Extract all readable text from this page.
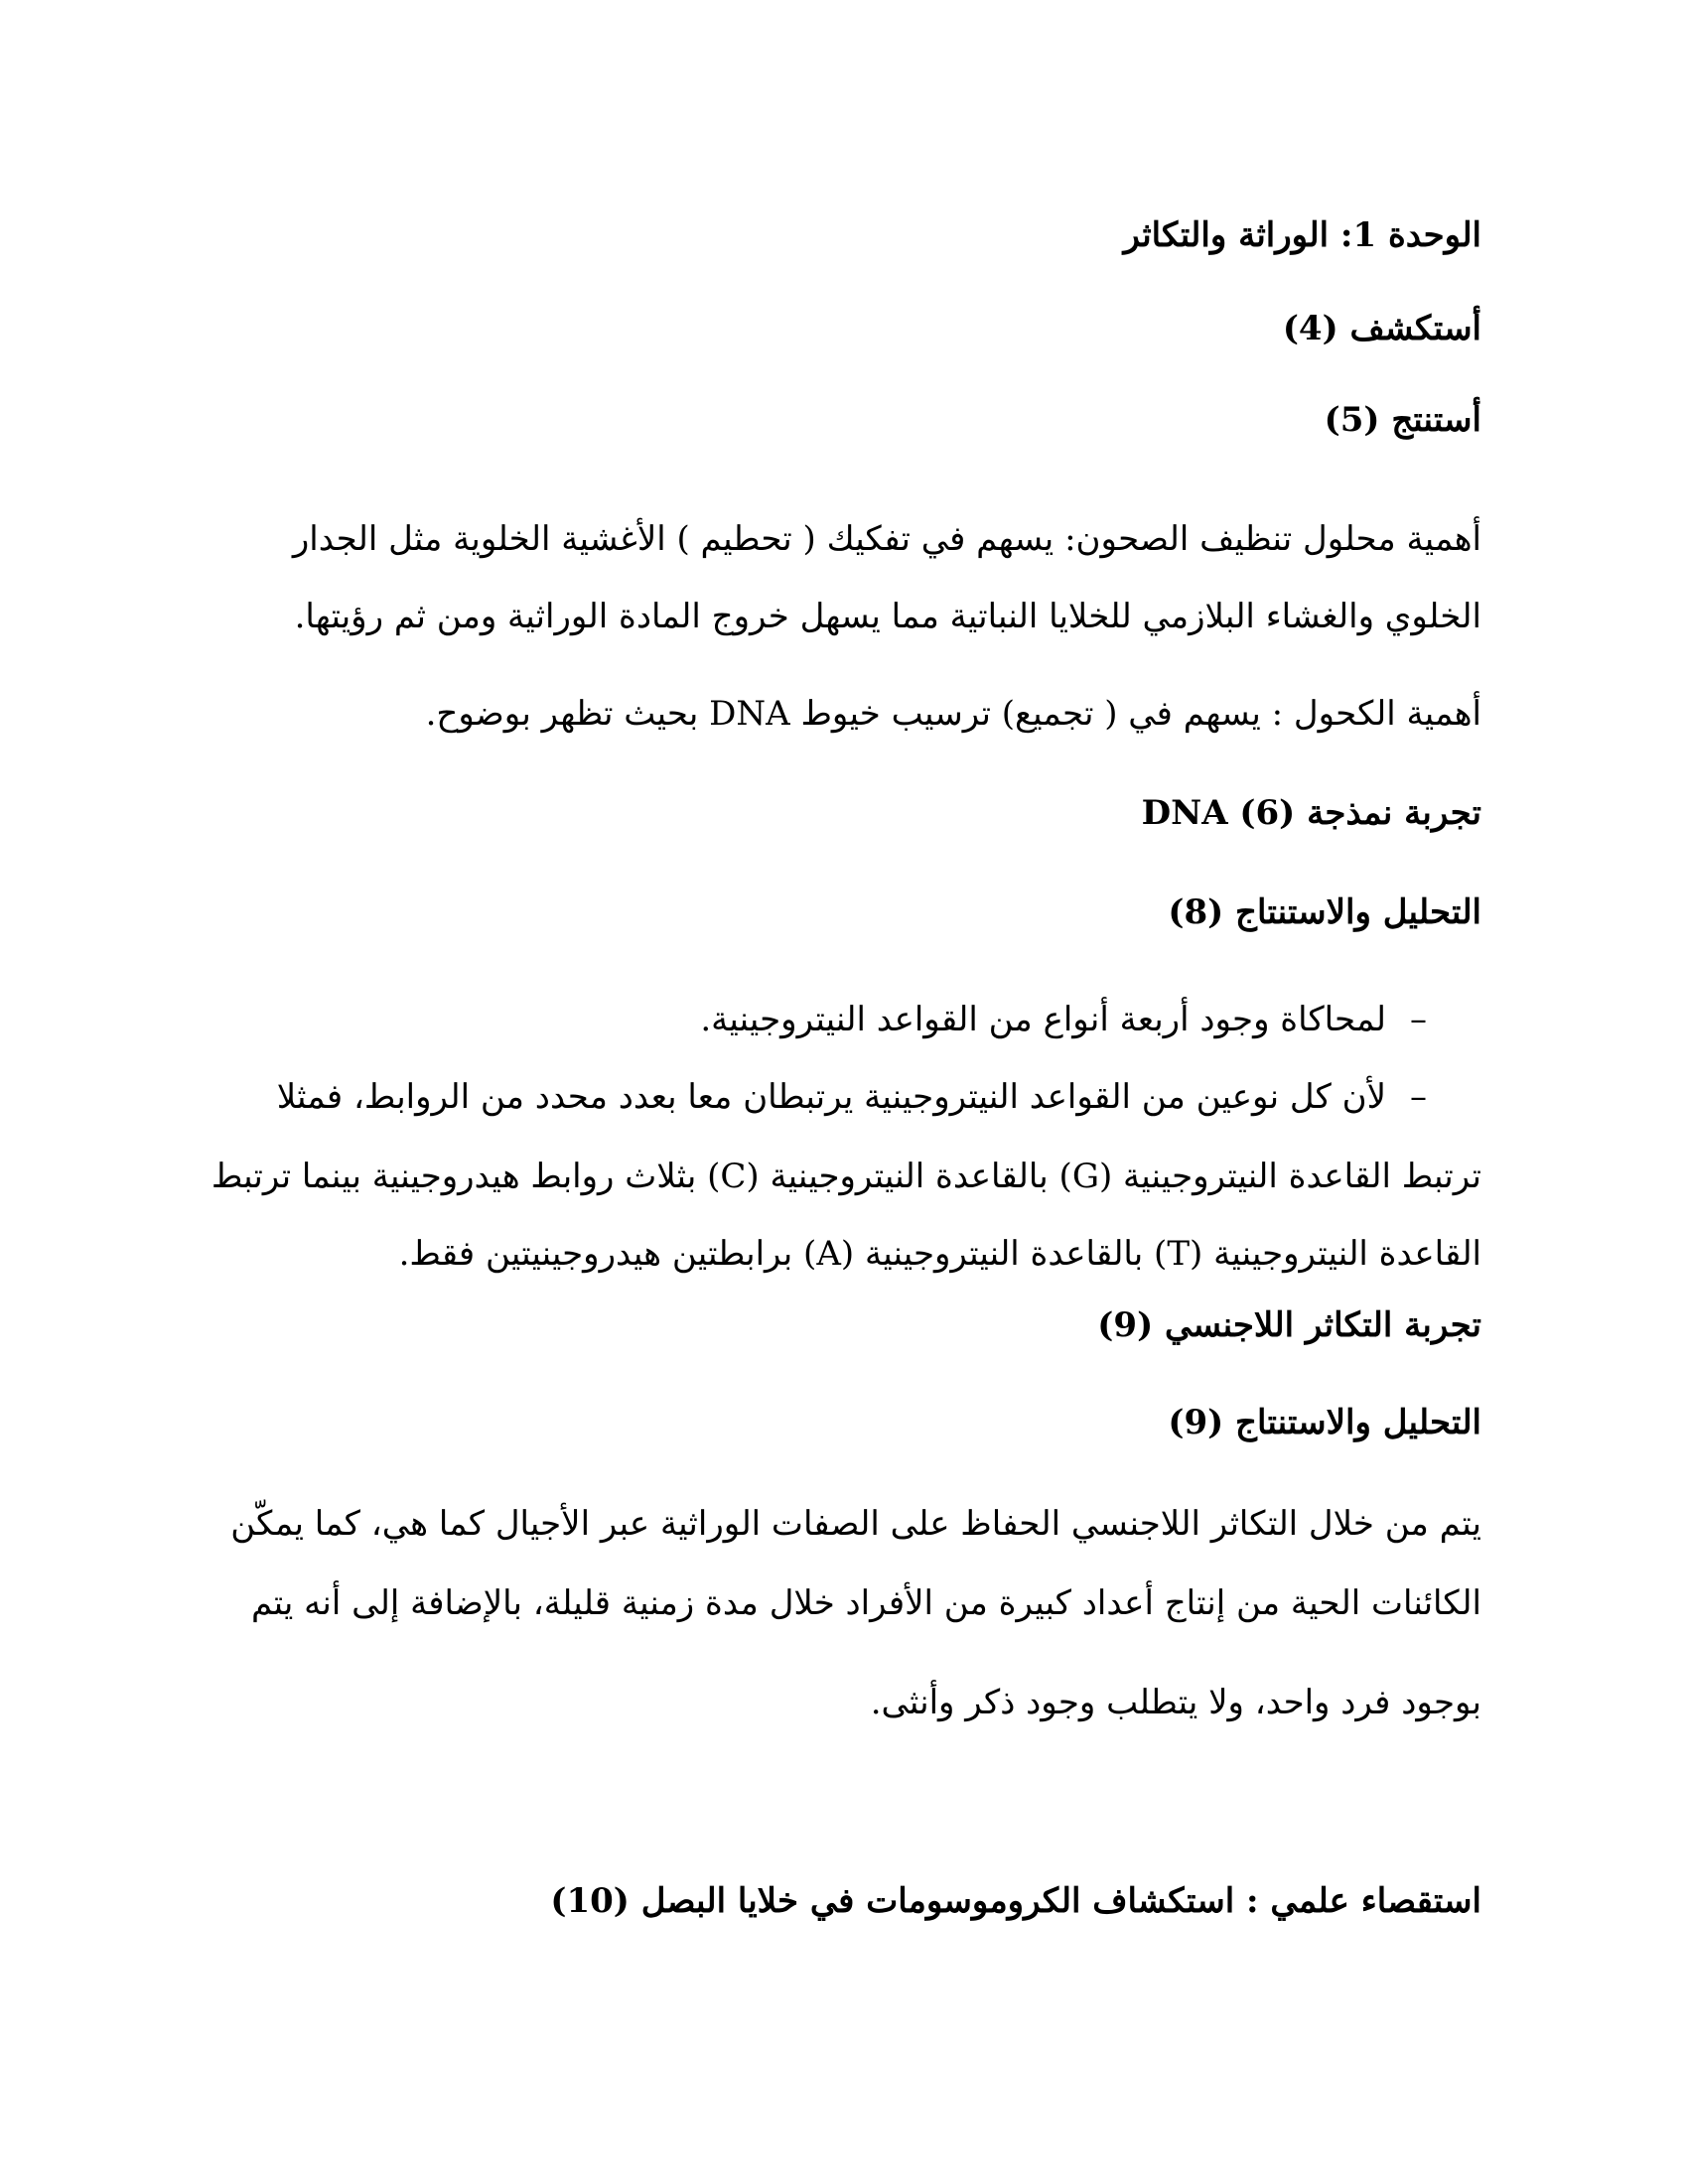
الوحدة 1: الوراثة والتكاثر
أستكشف (4)
أستنتج (5)
أهمية محلول تنظيف الصحون: يسهم في تفكيك ( تحطيم ) الأغشية الخلوية مثل الجدار
الخلوي والغشاء البلازمي للخلايا النباتية مما يسهل خروج المادة الوراثية ومن ثم رؤيتها.
أهمية الكحول : يسهم في ( تجميع) ترسيب خيوط DNA بحيث تظهر بوضوح.
تجربة نمذجة DNA (6)
التحليل والاستنتاج (8)
–
لمحاكاة وجود أربعة أنواع من القواعد النيتروجينية.
–
لأن كل نوعين من القواعد النيتروجينية يرتبطان معا بعدد محدد من الروابط، فمثلا
ترتبط القاعدة النيتروجينية (G) بالقاعدة النيتروجينية (C) بثلاث روابط هيدروجينية بينما ترتبط
القاعدة النيتروجينية (T) بالقاعدة النيتروجينية (A) برابطتين هيدروجينيتين فقط.
تجربة التكاثر اللاجنسي (9)
التحليل والاستنتاج (9)
يتم من خلال التكاثر اللاجنسي الحفاظ على الصفات الوراثية عبر الأجيال كما هي، كما يمكّن
الكائنات الحية من إنتاج أعداد كبيرة من الأفراد خلال مدة زمنية قليلة، بالإضافة إلى أنه يتم
بوجود فرد واحد، ولا يتطلب وجود ذكر وأنثى.
استقصاء علمي : استكشاف الكروموسومات في خلايا البصل (10)
